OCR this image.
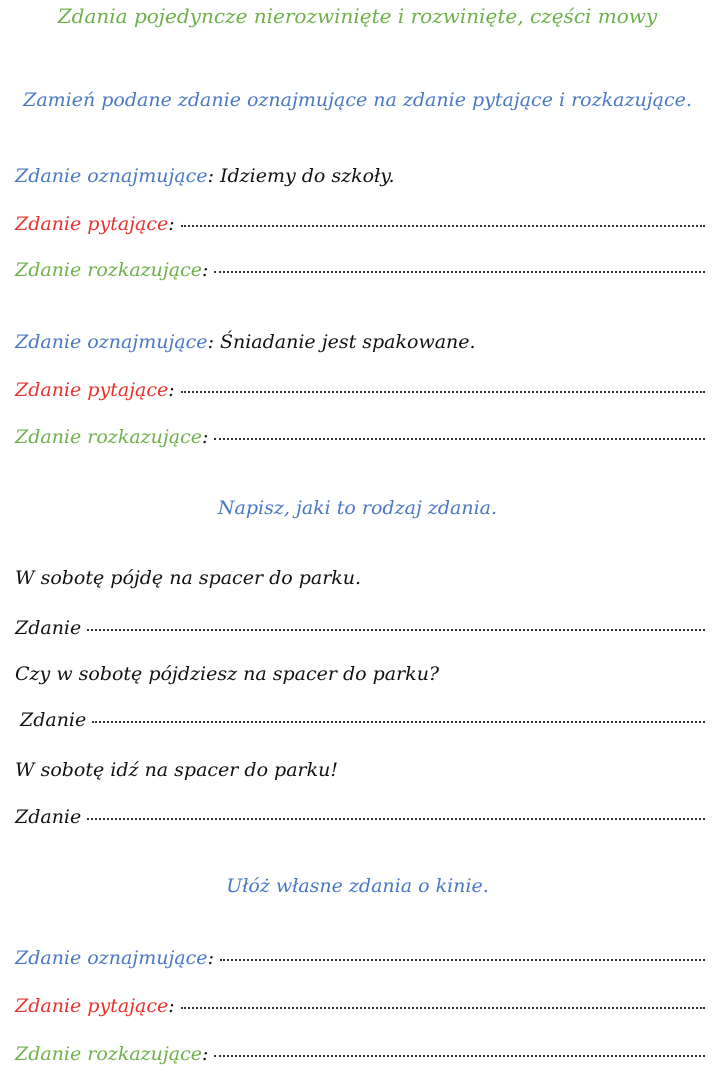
Zdania pojedyncze nierozwinięte i rozwinięte, części mowy
Zamień podane zdanie oznajmujące na zdanie pytające i rozkazujące.
Zdanie oznajmujące : Idziemy do szkoły.
Zdanie pytające :
Zdanie rozkazujące :
Zdanie oznajmujące : Śniadanie jest spakowane.
Zdanie pytające :
Zdanie rozkazujące :
Napisz, jaki to rodzaj zdania.
W sobotę pójdę na spacer do parku.
Zdanie
Czy w sobotę pójdziesz na spacer do parku?
Zdanie
W sobotę idź na spacer do parku!
Zdanie
Ułóż własne zdania o kinie.
Zdanie oznajmujące :
Zdanie pytające :
Zdanie rozkazujące :
